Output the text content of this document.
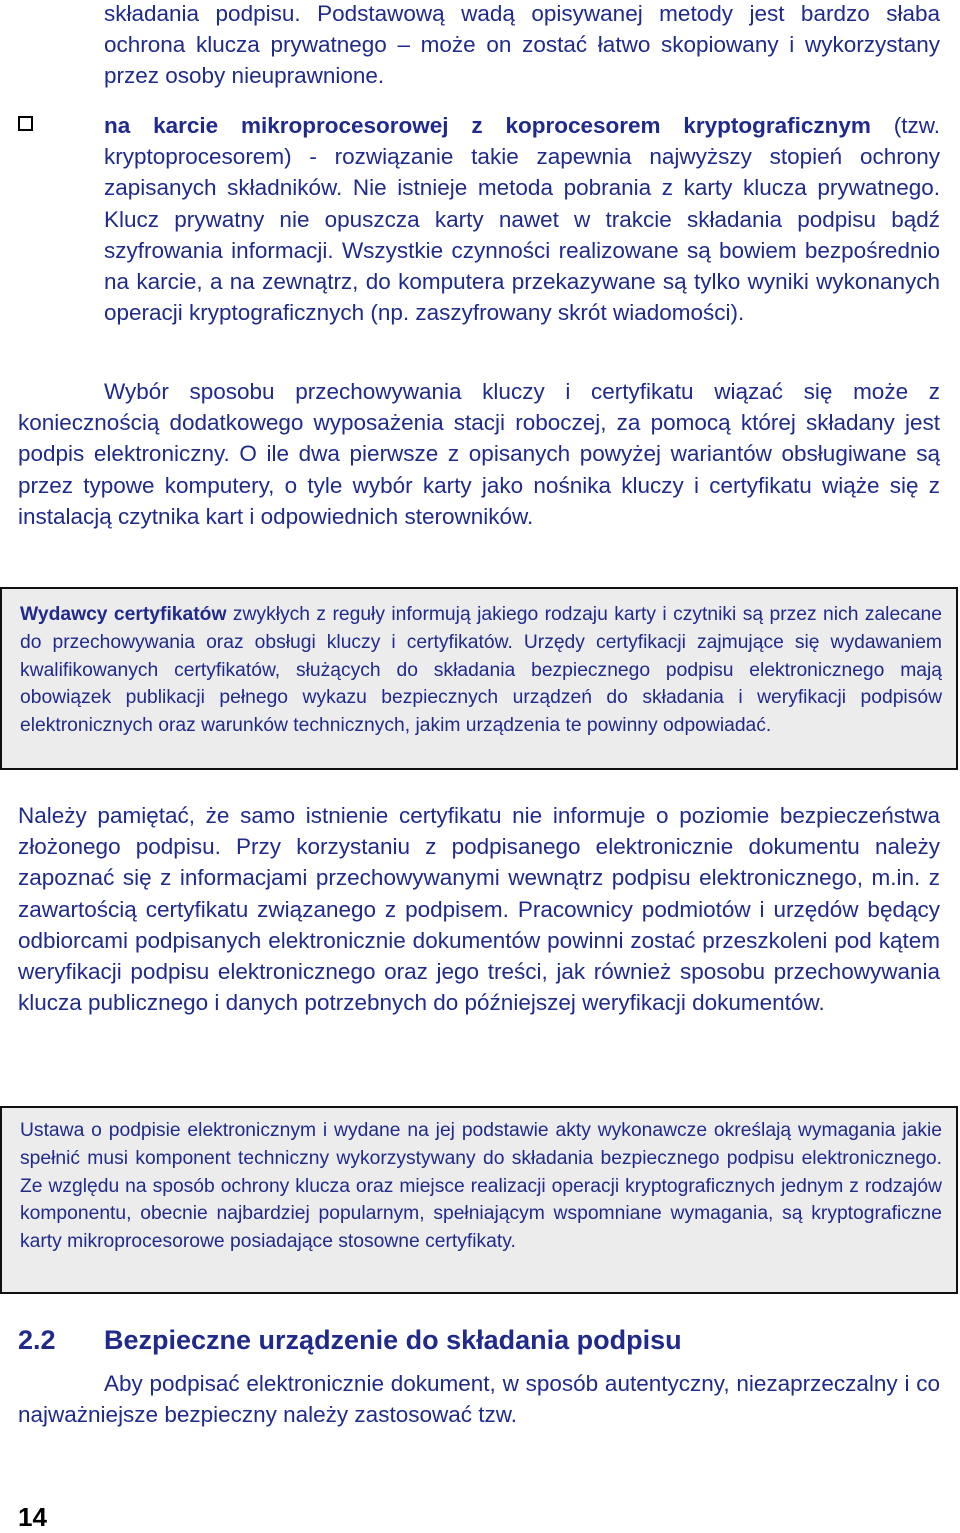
składania podpisu. Podstawową wadą opisywanej metody jest bardzo słaba ochrona klucza prywatnego – może on zostać łatwo skopiowany i wykorzystany przez osoby nieuprawnione.

na karcie mikroprocesorowej z koprocesorem kryptograficznym (tzw. kryptoprocesorem) - rozwiązanie takie zapewnia najwyższy stopień ochrony zapisanych składników. Nie istnieje metoda pobrania z karty klucza prywatnego. Klucz prywatny nie opuszcza karty nawet w trakcie składania podpisu bądź szyfrowania informacji. Wszystkie czynności realizowane są bowiem bezpośrednio na karcie, a na zewnątrz, do komputera przekazywane są tylko wyniki wykonanych operacji kryptograficznych (np. zaszyfrowany skrót wiadomości).

Wybór sposobu przechowywania kluczy i certyfikatu wiązać się może z koniecznością dodatkowego wyposażenia stacji roboczej, za pomocą której składany jest podpis elektroniczny. O ile dwa pierwsze z opisanych powyżej wariantów obsługiwane są przez typowe komputery, o tyle wybór karty jako nośnika kluczy i certyfikatu wiąże się z instalacją czytnika kart i odpowiednich sterowników.

Wydawcy certyfikatów zwykłych z reguły informują jakiego rodzaju karty i czytniki są przez nich zalecane do przechowywania oraz obsługi kluczy i certyfikatów. Urzędy certyfikacji zajmujące się wydawaniem kwalifikowanych certyfikatów, służących do składania bezpiecznego podpisu elektronicznego mają obowiązek publikacji pełnego wykazu bezpiecznych urządzeń do składania i weryfikacji podpisów elektronicznych oraz warunków technicznych, jakim urządzenia te powinny odpowiadać.

Należy pamiętać, że samo istnienie certyfikatu nie informuje o poziomie bezpieczeństwa złożonego podpisu. Przy korzystaniu z podpisanego elektronicznie dokumentu należy zapoznać się z informacjami przechowywanymi wewnątrz podpisu elektronicznego, m.in. z zawartością certyfikatu związanego z podpisem. Pracownicy podmiotów i urzędów będący odbiorcami podpisanych elektronicznie dokumentów powinni zostać przeszkoleni pod kątem weryfikacji podpisu elektronicznego oraz jego treści, jak również sposobu przechowywania klucza publicznego i danych potrzebnych do późniejszej weryfikacji dokumentów.

Ustawa o podpisie elektronicznym i wydane na jej podstawie akty wykonawcze określają wymagania jakie spełnić musi komponent techniczny wykorzystywany do składania bezpiecznego podpisu elektronicznego. Ze względu na sposób ochrony klucza oraz miejsce realizacji operacji kryptograficznych jednym z rodzajów komponentu, obecnie najbardziej popularnym, spełniającym wspomniane wymagania, są kryptograficzne karty mikroprocesorowe posiadające stosowne certyfikaty.

2.2 Bezpieczne urządzenie do składania podpisu

Aby podpisać elektronicznie dokument, w sposób autentyczny, niezaprzeczalny i co najważniejsze bezpieczny należy zastosować tzw.

14
